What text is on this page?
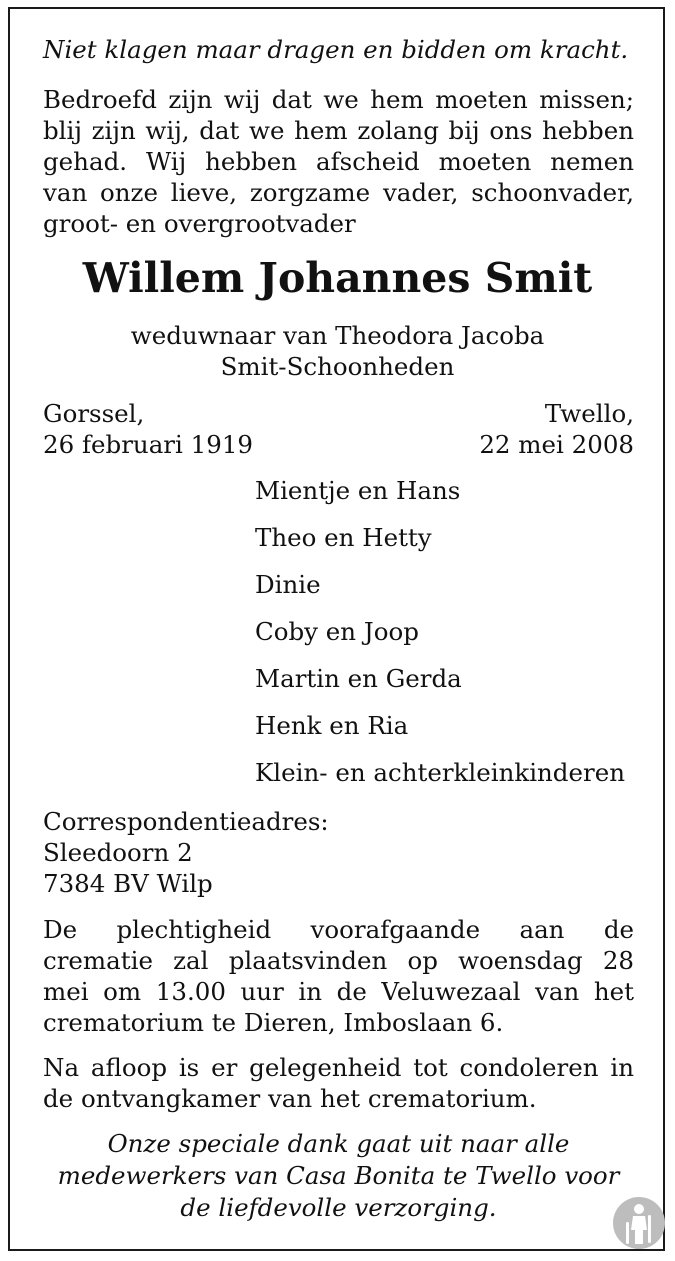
Niet klagen maar dragen en bidden om kracht.
Bedroefd zijn wij dat we hem moeten missen;
blij zijn wij, dat we hem zolang bij ons hebben
gehad. Wij hebben afscheid moeten nemen
van onze lieve, zorgzame vader, schoonvader,
groot- en overgrootvader
Willem Johannes Smit
weduwnaar van Theodora Jacoba
Smit-Schoonheden
Gorssel,
26 februari 1919
Twello,
22 mei 2008
Mientje en Hans
Theo en Hetty
Dinie
Coby en Joop
Martin en Gerda
Henk en Ria
Klein- en achterkleinkinderen
Correspondentieadres:
Sleedoorn 2
7384 BV Wilp
De plechtigheid voorafgaande aan de
crematie zal plaatsvinden op woensdag 28
mei om 13.00 uur in de Veluwezaal van het
crematorium te Dieren, Imboslaan 6.
Na afloop is er gelegenheid tot condoleren in
de ontvangkamer van het crematorium.
Onze speciale dank gaat uit naar alle
medewerkers van Casa Bonita te Twello voor
de liefdevolle verzorging.
